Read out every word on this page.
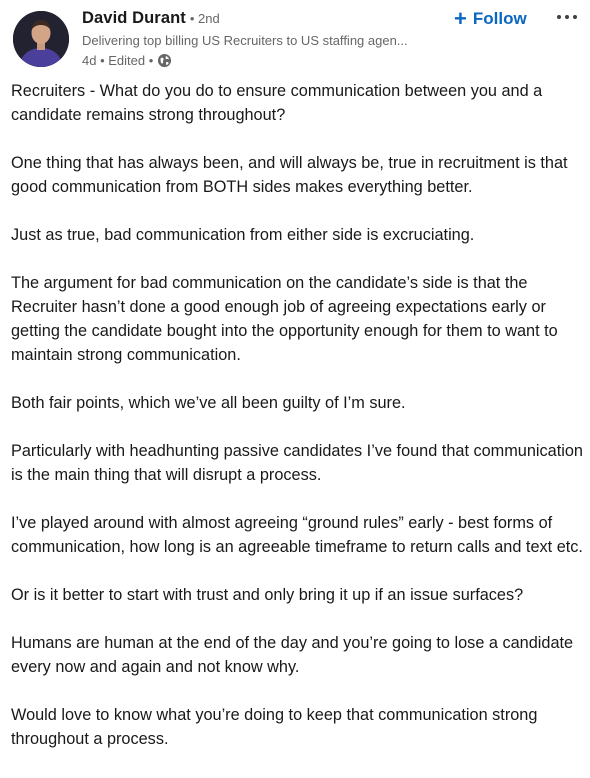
David Durant • 2nd
Delivering top billing US Recruiters to US staffing agen...
4d • Edited •
+ Follow

Recruiters - What do you do to ensure communication between you and a candidate remains strong throughout?

One thing that has always been, and will always be, true in recruitment is that good communication from BOTH sides makes everything better.

Just as true, bad communication from either side is excruciating.

The argument for bad communication on the candidate’s side is that the Recruiter hasn’t done a good enough job of agreeing expectations early or getting the candidate bought into the opportunity enough for them to want to maintain strong communication.

Both fair points, which we’ve all been guilty of I’m sure.

Particularly with headhunting passive candidates I’ve found that communication is the main thing that will disrupt a process.

I’ve played around with almost agreeing “ground rules” early - best forms of communication, how long is an agreeable timeframe to return calls and text etc.

Or is it better to start with trust and only bring it up if an issue surfaces?

Humans are human at the end of the day and you’re going to lose a candidate every now and again and not know why.

Would love to know what you’re doing to keep that communication strong throughout a process.
